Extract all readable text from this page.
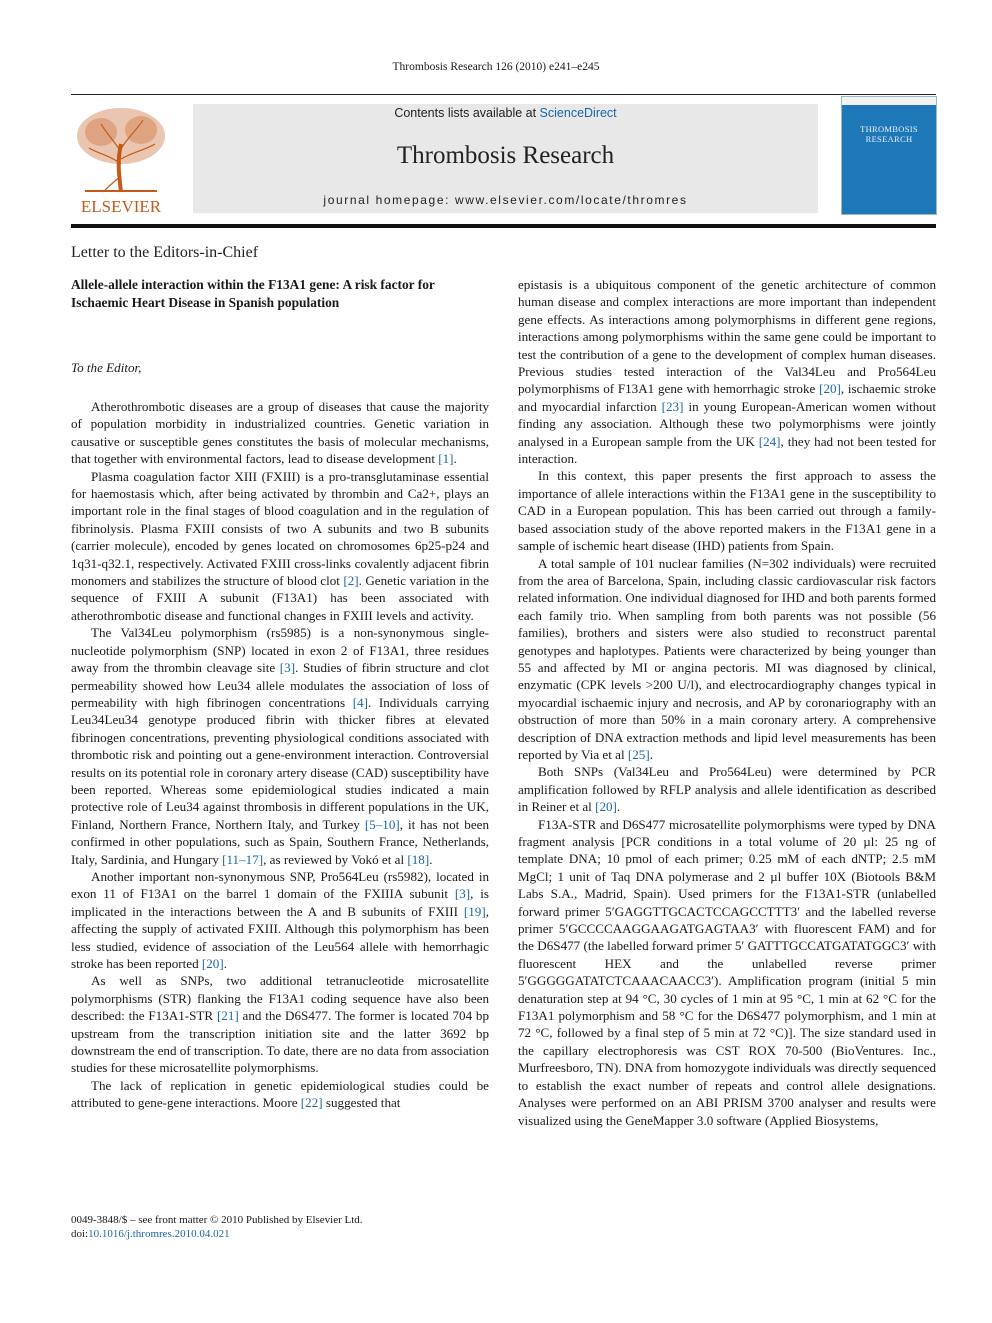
Thrombosis Research 126 (2010) e241–e245
ELSEVIER
Contents lists available at ScienceDirect
Thrombosis Research
journal homepage: www.elsevier.com/locate/thromres
THROMBOSIS
RESEARCH
Letter to the Editors-in-Chief
Allele-allele interaction within the F13A1 gene: A risk factor for Ischaemic Heart Disease in Spanish population
To the Editor,

Atherothrombotic diseases are a group of diseases that cause the majority of population morbidity in industrialized countries. Genetic variation in causative or susceptible genes constitutes the basis of molecular mechanisms, that together with environmental factors, lead to disease development [1].

Plasma coagulation factor XIII (FXIII) is a pro-transglutaminase essential for haemostasis which, after being activated by thrombin and Ca2+, plays an important role in the final stages of blood coagulation and in the regulation of fibrinolysis. Plasma FXIII consists of two A subunits and two B subunits (carrier molecule), encoded by genes located on chromosomes 6p25-p24 and 1q31-q32.1, respectively. Activated FXIII cross-links covalently adjacent fibrin monomers and stabilizes the structure of blood clot [2]. Genetic variation in the sequence of FXIII A subunit (F13A1) has been associated with atherothrombotic disease and functional changes in FXIII levels and activity.

The Val34Leu polymorphism (rs5985) is a non-synonymous single-nucleotide polymorphism (SNP) located in exon 2 of F13A1, three residues away from the thrombin cleavage site [3]. Studies of fibrin structure and clot permeability showed how Leu34 allele modulates the association of loss of permeability with high fibrinogen concentrations [4]. Individuals carrying Leu34Leu34 genotype produced fibrin with thicker fibres at elevated fibrinogen concentrations, preventing physiological conditions associated with thrombotic risk and pointing out a gene-environment interaction. Controversial results on its potential role in coronary artery disease (CAD) susceptibility have been reported. Whereas some epidemiological studies indicated a main protective role of Leu34 against thrombosis in different populations in the UK, Finland, Northern France, Northern Italy, and Turkey [5–10], it has not been confirmed in other populations, such as Spain, Southern France, Netherlands, Italy, Sardinia, and Hungary [11–17], as reviewed by Vokó et al [18].

Another important non-synonymous SNP, Pro564Leu (rs5982), located in exon 11 of F13A1 on the barrel 1 domain of the FXIIIA subunit [3], is implicated in the interactions between the A and B subunits of FXIII [19], affecting the supply of activated FXIII. Although this polymorphism has been less studied, evidence of association of the Leu564 allele with hemorrhagic stroke has been reported [20].

As well as SNPs, two additional tetranucleotide microsatellite polymorphisms (STR) flanking the F13A1 coding sequence have also been described: the F13A1-STR [21] and the D6S477. The former is located 704 bp upstream from the transcription initiation site and the latter 3692 bp downstream the end of transcription. To date, there are no data from association studies for these microsatellite polymorphisms.

The lack of replication in genetic epidemiological studies could be attributed to gene-gene interactions. Moore [22] suggested that

epistasis is a ubiquitous component of the genetic architecture of common human disease and complex interactions are more important than independent gene effects. As interactions among polymorphisms in different gene regions, interactions among polymorphisms within the same gene could be important to test the contribution of a gene to the development of complex human diseases. Previous studies tested interaction of the Val34Leu and Pro564Leu polymorphisms of F13A1 gene with hemorrhagic stroke [20], ischaemic stroke and myocardial infarction [23] in young European-American women without finding any association. Although these two polymorphisms were jointly analysed in a European sample from the UK [24], they had not been tested for interaction.

In this context, this paper presents the first approach to assess the importance of allele interactions within the F13A1 gene in the susceptibility to CAD in a European population. This has been carried out through a family-based association study of the above reported makers in the F13A1 gene in a sample of ischemic heart disease (IHD) patients from Spain.

A total sample of 101 nuclear families (N=302 individuals) were recruited from the area of Barcelona, Spain, including classic cardiovascular risk factors related information. One individual diagnosed for IHD and both parents formed each family trio. When sampling from both parents was not possible (56 families), brothers and sisters were also studied to reconstruct parental genotypes and haplotypes. Patients were characterized by being younger than 55 and affected by MI or angina pectoris. MI was diagnosed by clinical, enzymatic (CPK levels >200 U/l), and electrocardiography changes typical in myocardial ischaemic injury and necrosis, and AP by coronariography with an obstruction of more than 50% in a main coronary artery. A comprehensive description of DNA extraction methods and lipid level measurements has been reported by Via et al [25].

Both SNPs (Val34Leu and Pro564Leu) were determined by PCR amplification followed by RFLP analysis and allele identification as described in Reiner et al [20].

F13A-STR and D6S477 microsatellite polymorphisms were typed by DNA fragment analysis [PCR conditions in a total volume of 20 µl: 25 ng of template DNA; 10 pmol of each primer; 0.25 mM of each dNTP; 2.5 mM MgCl; 1 unit of Taq DNA polymerase and 2 µl buffer 10X (Biotools B&M Labs S.A., Madrid, Spain). Used primers for the F13A1-STR (unlabelled forward primer 5′GAGGTTGCACTCCAGCCTTT3′ and the labelled reverse primer 5′GCCCCAAGGAAGATGAGTAA3′ with fluorescent FAM) and for the D6S477 (the labelled forward primer 5′ GATTTGCCATGATATGGC3′ with fluorescent HEX and the unlabelled reverse primer 5′GGGGGATATCTCAAACAACC3′). Amplification program (initial 5 min denaturation step at 94 °C, 30 cycles of 1 min at 95 °C, 1 min at 62 °C for the F13A1 polymorphism and 58 °C for the D6S477 polymorphism, and 1 min at 72 °C, followed by a final step of 5 min at 72 °C)]. The size standard used in the capillary electrophoresis was CST ROX 70-500 (BioVentures. Inc., Murfreesboro, TN). DNA from homozygote individuals was directly sequenced to establish the exact number of repeats and control allele designations. Analyses were performed on an ABI PRISM 3700 analyser and results were visualized using the GeneMapper 3.0 software (Applied Biosystems,

0049-3848/$ – see front matter © 2010 Published by Elsevier Ltd.
doi:10.1016/j.thromres.2010.04.021
